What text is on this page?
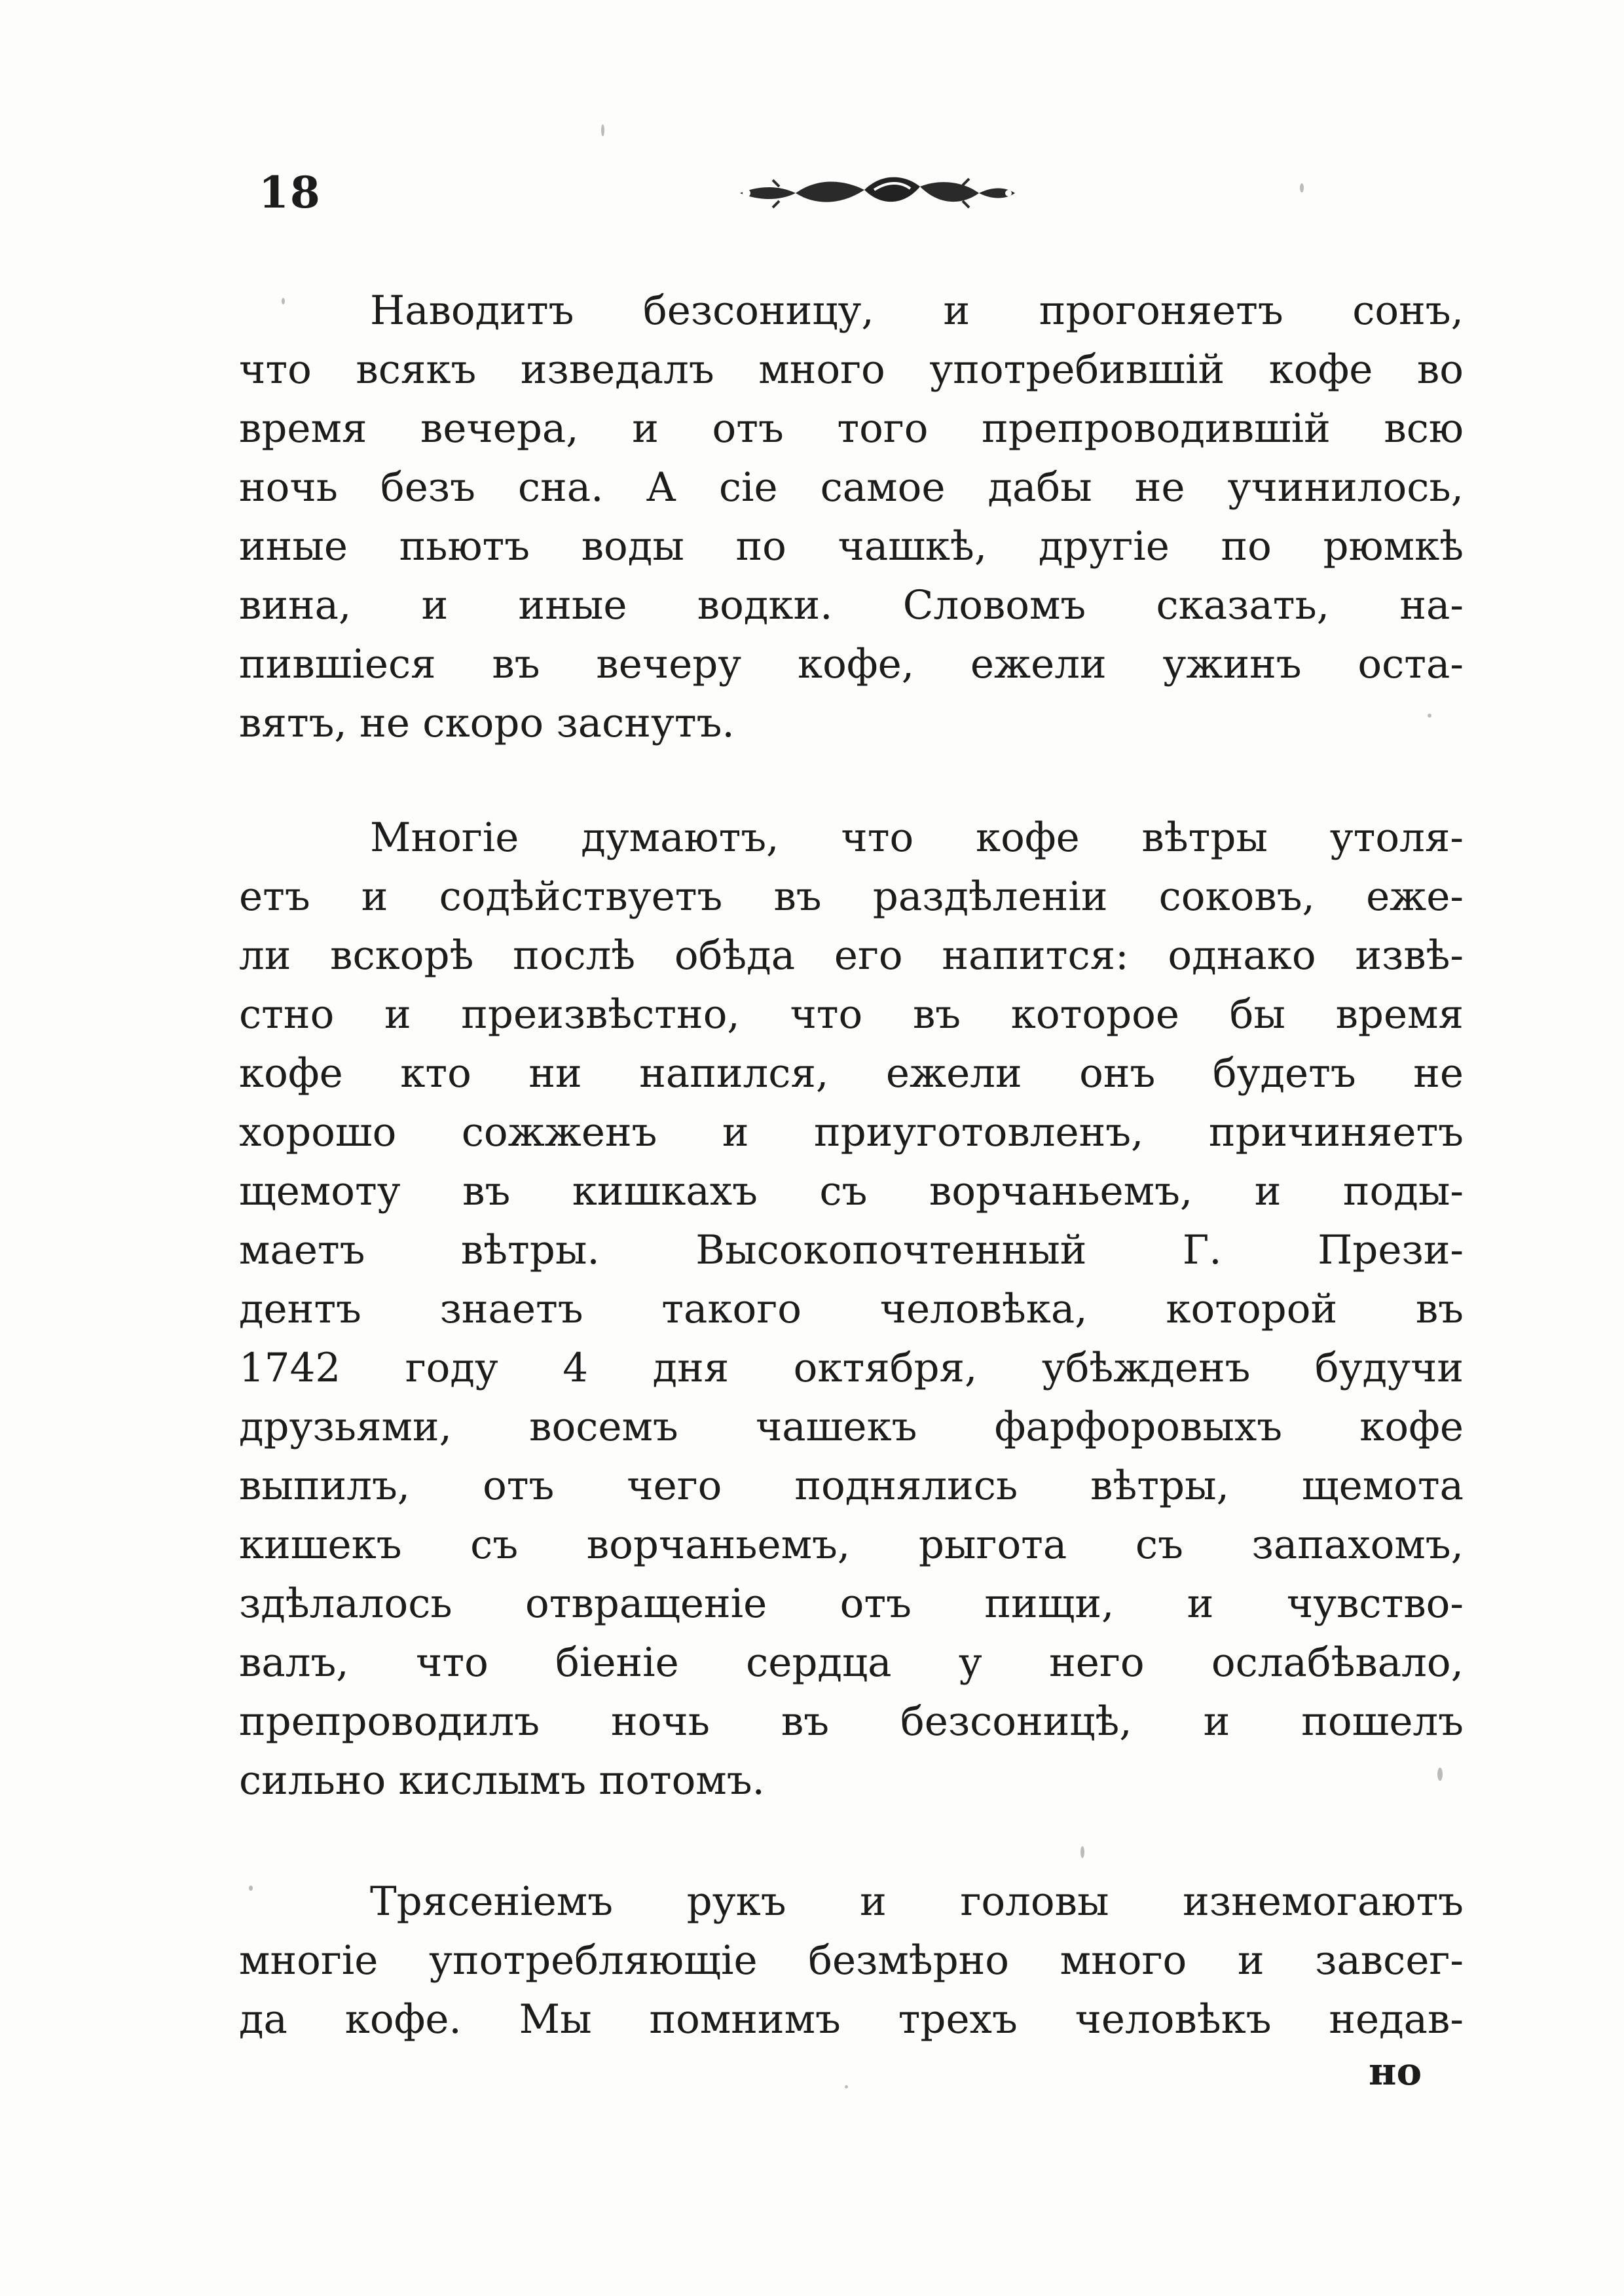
18
Наводитъ безсоницу, и прогоняетъ сонъ,
что всякъ изведалъ много употребившій кофе во
время вечера, и отъ того препроводившій всю
ночь безъ сна. А сіе самое дабы не учинилось,
иные пьютъ воды по чашкѣ, другіе по рюмкѣ
вина, и иные водки. Словомъ сказать, на-
пившіеся въ вечеру кофе, ежели ужинъ оста-
вятъ, не скоро заснутъ.
Многіе думаютъ, что кофе вѣтры утоля-
етъ и содѣйствуетъ въ раздѣленіи соковъ, еже-
ли вскорѣ послѣ обѣда его напится: однако извѣ-
стно и преизвѣстно, что въ которое бы время
кофе кто ни напился, ежели онъ будетъ не
хорошо сожженъ и приуготовленъ, причиняетъ
щемоту въ кишкахъ съ ворчаньемъ, и поды-
маетъ вѣтры. Высокопочтенный Г. Прези-
дентъ знаетъ такого человѣка, которой въ
1742 году 4 дня октября, убѣжденъ будучи
друзьями, восемъ чашекъ фарфоровыхъ кофе
выпилъ, отъ чего поднялись вѣтры, щемота
кишекъ съ ворчаньемъ, рыгота съ запахомъ,
здѣлалось отвращеніе отъ пищи, и чувство-
валъ, что біеніе сердца у него ослабѣвало,
препроводилъ ночь въ безсоницѣ, и пошелъ
сильно кислымъ потомъ.
Трясеніемъ рукъ и головы изнемогаютъ
многіе употребляющіе безмѣрно много и завсег-
да кофе. Мы помнимъ трехъ человѣкъ недав-
но
